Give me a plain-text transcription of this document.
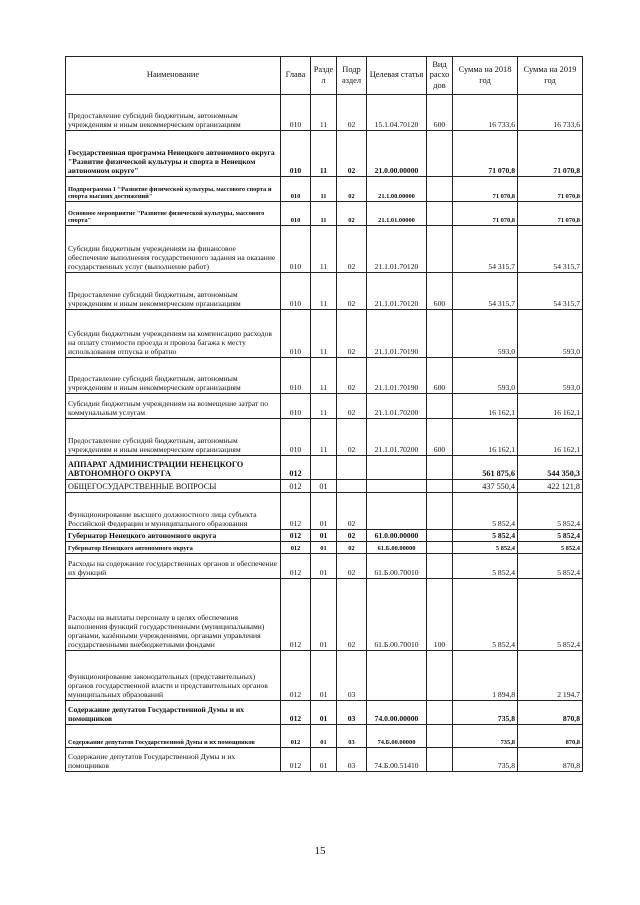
Наименование	Глава	Разде л	Подр аздел	Целевая статья	Вид расхо дов	Сумма на 2018 год	Сумма на 2019 год
Предоставление субсидий бюджетным, автономным учреждениям и иным некоммерческим организациям	010	11	02	15.1.04.70120	600	16 733,6	16 733,6
Государственная программа Ненецкого автономного округа "Развитие физической культуры и спорта в Ненецком автономном округе"	010	11	02	21.0.00.00000		71 070,8	71 070,8
Подпрограмма 1 "Развитие физической культуры, массового спорта и спорта высших достижений"	010	11	02	21.1.00.00000		71 070,8	71 070,8
Основное мероприятие "Развитие физической культуры, массового спорта"	010	11	02	21.1.01.00000		71 070,8	71 070,8
Субсидии бюджетным учреждениям на финансовое обеспечение выполнения государственного задания на оказание государственных услуг (выполнение работ)	010	11	02	21.1.01.70120		54 315,7	54 315,7
Предоставление субсидий бюджетным, автономным учреждениям и иным некоммерческим организациям	010	11	02	21.1.01.70120	600	54 315,7	54 315,7
Субсидии бюджетным учреждениям на компенсацию расходов на оплату стоимости проезда и провоза багажа к месту использования отпуска и обратно	010	11	02	21.1.01.70190		593,0	593,0
Предоставление субсидий бюджетным, автономным учреждениям и иным некоммерческим организациям	010	11	02	21.1.01.70190	600	593,0	593,0
Субсидии бюджетным учреждениям на возмещение затрат по коммунальным услугам	010	11	02	21.1.01.70200		16 162,1	16 162,1
Предоставление субсидий бюджетным, автономным учреждениям и иным некоммерческим организациям	010	11	02	21.1.01.70200	600	16 162,1	16 162,1
АППАРАТ АДМИНИСТРАЦИИ НЕНЕЦКОГО АВТОНОМНОГО ОКРУГА	012					561 875,6	544 350,3
ОБЩЕГОСУДАРСТВЕННЫЕ ВОПРОСЫ	012	01				437 550,4	422 121,8
Функционирование высшего должностного лица субъекта Российской Федерации и муниципального образования	012	01	02			5 852,4	5 852,4
Губернатор Ненецкого автономного округа	012	01	02	61.0.00.00000		5 852,4	5 852,4
Губернатор Ненецкого автономного округа	012	01	02	61.Б.00.00000		5 852,4	5 852,4
Расходы на содержание государственных органов и обеспечение их функций	012	01	02	61.Б.00.70010		5 852,4	5 852,4
Расходы на выплаты персоналу в целях обеспечения выполнения функций государственными (муниципальными) органами, казёнными учреждениями, органами управления государственными внебюджетными фондами	012	01	02	61.Б.00.70010	100	5 852,4	5 852,4
Функционирование законодательных (представительных) органов государственной власти и представительных органов муниципальных образований	012	01	03			1 894,8	2 194,7
Содержание депутатов Государственной Думы и их помощников	012	01	03	74.0.00.00000		735,8	870,8
Содержание депутатов Государственной Думы и их помощников	012	01	03	74.Б.00.00000		735,8	870,8
Содержание депутатов Государственной Думы и их помощников	012	01	03	74.Б.00.51410		735,8	870,8
15
